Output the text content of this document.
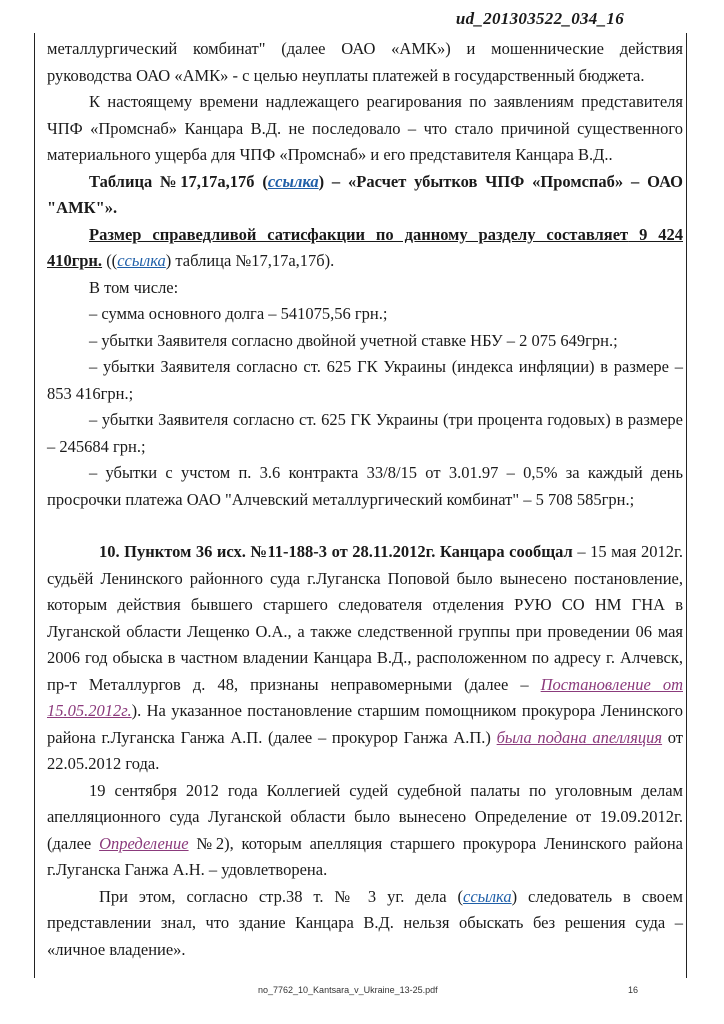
ud_201303522_034_16

металлургический комбинат" (далее ОАО «АМК») и мошеннические действия руководства ОАО «АМК» - с целью неуплаты платежей в государственный бюджета.

К настоящему времени надлежащего реагирования по заявлениям представителя ЧПФ «Промснаб» Канцара В.Д. не последовало – что стало причиной существенного материального ущерба для ЧПФ «Промснаб» и его представителя Канцара В.Д..

Таблица №17,17а,17б (ссылка) – «Расчет убытков ЧПФ «Промспаб» – ОАО "АМК"».

Размер справедливой сатисфакции по данному разделу составляет 9 424 410грн. ((ссылка) таблица №17,17а,17б).

В том числе:

– сумма основного долга – 541075,56 грн.;

– убытки Заявителя согласно двойной учетной ставке НБУ – 2 075 649грн.;

– убытки Заявителя согласно ст. 625 ГК Украины (индекса инфляции) в размере – 853 416грн.;

– убытки Заявителя согласно ст. 625 ГК Украины (три процента годовых) в размере – 245684 грн.;

– убытки с учстом п. 3.6 контракта 33/8/15 от 3.01.97 – 0,5% за каждый день просрочки платежа ОАО "Алчевский металлургический комбинат" – 5 708 585грн.;

10. Пунктом 36 исх. №11-188-3 от 28.11.2012г. Канцара сообщал – 15 мая 2012г. судьёй Ленинского районного суда г.Луганска Поповой было вынесено постановление, которым действия бывшего старшего следователя отделения РУЮ СО НМ ГНА в Луганской области Лещенко О.А., а также следственной группы при проведении 06 мая 2006 год обыска в частном владении Канцара В.Д., расположенном по адресу г. Алчевск, пр-т Металлургов д. 48, признаны неправомерными (далее – Постановление от 15.05.2012г.). На указанное постановление старшим помощником прокурора Ленинского района г.Луганска Ганжа А.П. (далее – прокурор Ганжа А.П.) была подана апелляция от 22.05.2012 года.

19 сентября 2012 года Коллегией судей судебной палаты по уголовным делам апелляционного суда Луганской области было вынесено Определение от 19.09.2012г. (далее Определение №2), которым апелляция старшего прокурора Ленинского района г.Луганска Ганжа А.Н. – удовлетворена.

При этом, согласно стр.38 т. № 3 уг. дела (ссылка) следователь в своем представлении знал, что здание Канцара В.Д. нельзя обыскать без решения суда – «личное владение».

no_7762_10_Kantsara_v_Ukraine_13-25.pdf	16
